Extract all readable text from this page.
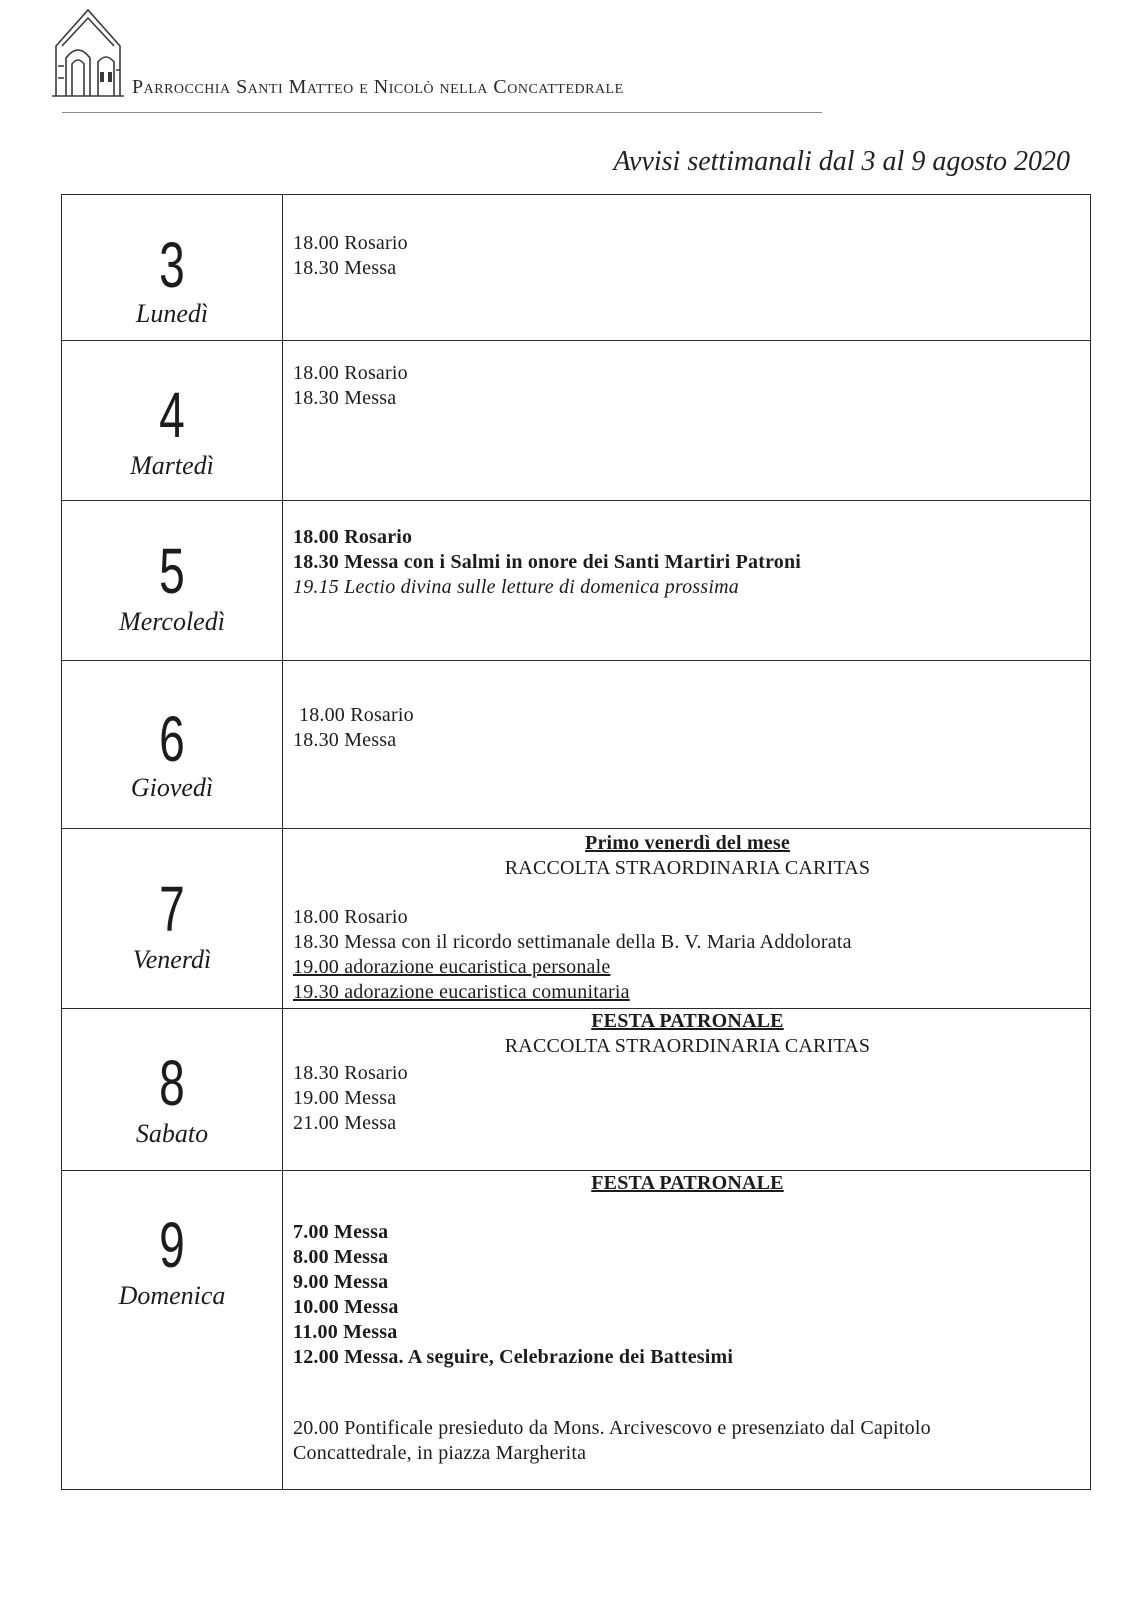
Parrocchia Santi Matteo e Nicolò nella Concattedrale
Avvisi settimanali dal 3 al 9 agosto 2020
3
Lunedì
18.00 Rosario
18.30 Messa
4
Martedì
18.00 Rosario
18.30 Messa
5
Mercoledì
18.00 Rosario
18.30 Messa con i Salmi in onore dei Santi Martiri Patroni
19.15 Lectio divina sulle letture di domenica prossima
6
Giovedì
18.00 Rosario
18.30 Messa
7
Venerdì
Primo venerdì del mese
RACCOLTA STRAORDINARIA CARITAS
18.00 Rosario
18.30 Messa con il ricordo settimanale della B. V. Maria Addolorata
19.00 adorazione eucaristica personale
19.30 adorazione eucaristica comunitaria
8
Sabato
FESTA PATRONALE
RACCOLTA STRAORDINARIA CARITAS
18.30 Rosario
19.00 Messa
21.00 Messa
9
Domenica
FESTA PATRONALE
7.00 Messa
8.00 Messa
9.00 Messa
10.00 Messa
11.00 Messa
12.00 Messa. A seguire, Celebrazione dei Battesimi
20.00 Pontificale presieduto da Mons. Arcivescovo e presenziato dal Capitolo
Concattedrale, in piazza Margherita
